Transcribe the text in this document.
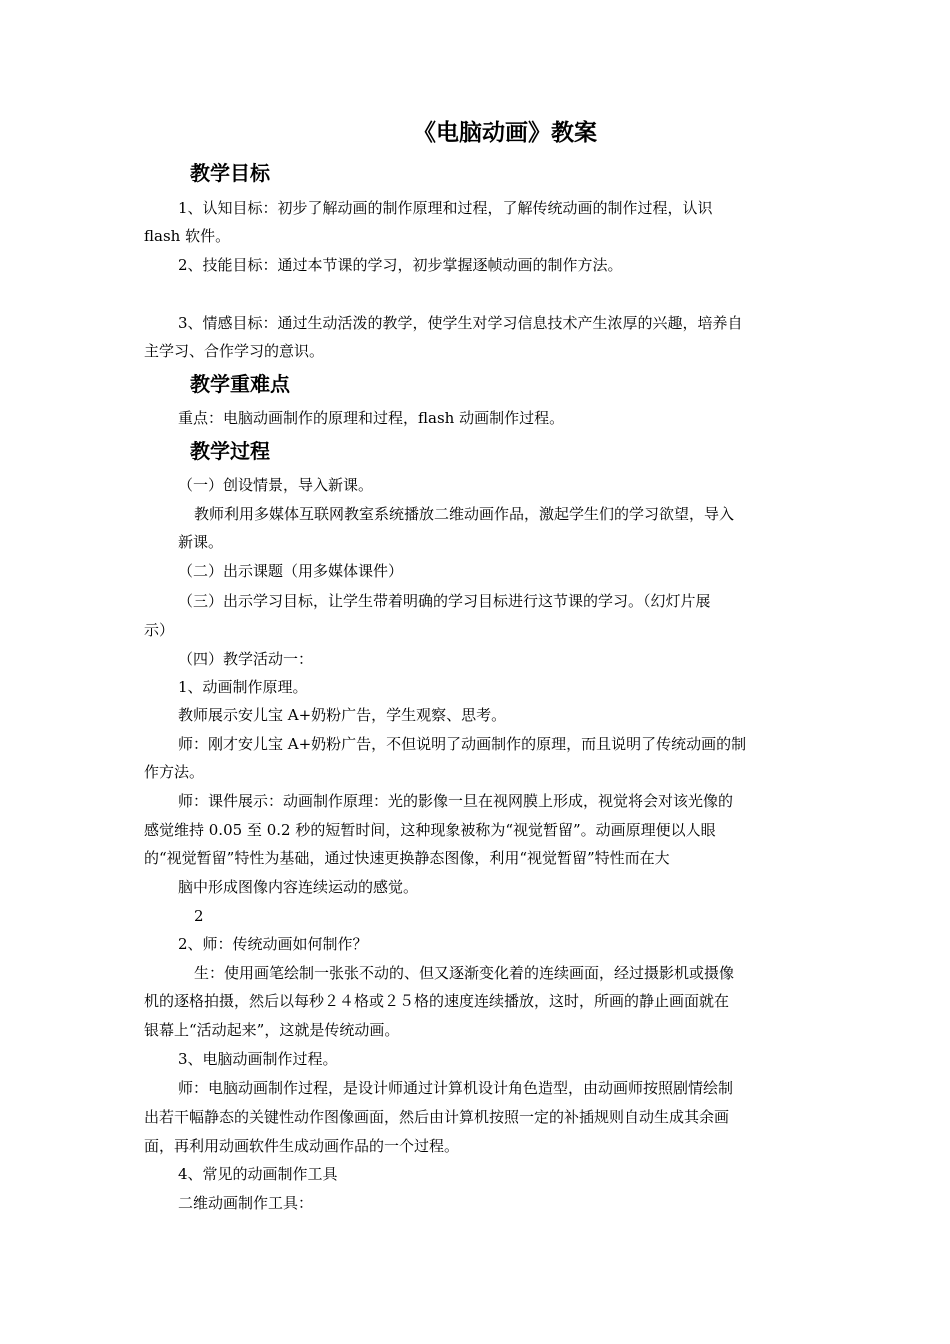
《电脑动画》教案
教学目标

1、认知目标：初步了解动画的制作原理和过程，了解传统动画的制作过程，认识

flash 软件。

2、技能目标：通过本节课的学习，初步掌握逐帧动画的制作方法。

3、情感目标：通过生动活泼的教学，使学生对学习信息技术产生浓厚的兴趣，培养自

主学习、合作学习的意识。

教学重难点

重点：电脑动画制作的原理和过程，flash 动画制作过程。

教学过程

（一）创设情景，导入新课。

教师利用多媒体互联网教室系统播放二维动画作品，激起学生们的学习欲望，导入

新课。

（二）出示课题（用多媒体课件）

（三）出示学习目标，让学生带着明确的学习目标进行这节课的学习。（幻灯片展

示）

（四）教学活动一：

1、动画制作原理。

教师展示安儿宝 A+奶粉广告，学生观察、思考。

师：刚才安儿宝 A+奶粉广告，不但说明了动画制作的原理，而且说明了传统动画的制

作方法。

师：课件展示：动画制作原理：光的影像一旦在视网膜上形成，视觉将会对该光像的

感觉维持 0.05 至 0.2 秒的短暂时间，这种现象被称为“视觉暂留”。动画原理便以人眼

的“视觉暂留”特性为基础，通过快速更换静态图像，利用“视觉暂留”特性而在大

脑中形成图像内容连续运动的感觉。

2

2、师：传统动画如何制作？

生：使用画笔绘制一张张不动的、但又逐渐变化着的连续画面，经过摄影机或摄像

机的逐格拍摄，然后以每秒２４格或２５格的速度连续播放，这时，所画的静止画面就在

银幕上“活动起来”，这就是传统动画。

3、电脑动画制作过程。

师：电脑动画制作过程，是设计师通过计算机设计角色造型，由动画师按照剧情绘制

出若干幅静态的关键性动作图像画面，然后由计算机按照一定的补插规则自动生成其余画

面，再利用动画软件生成动画作品的一个过程。

4、常见的动画制作工具

二维动画制作工具：
